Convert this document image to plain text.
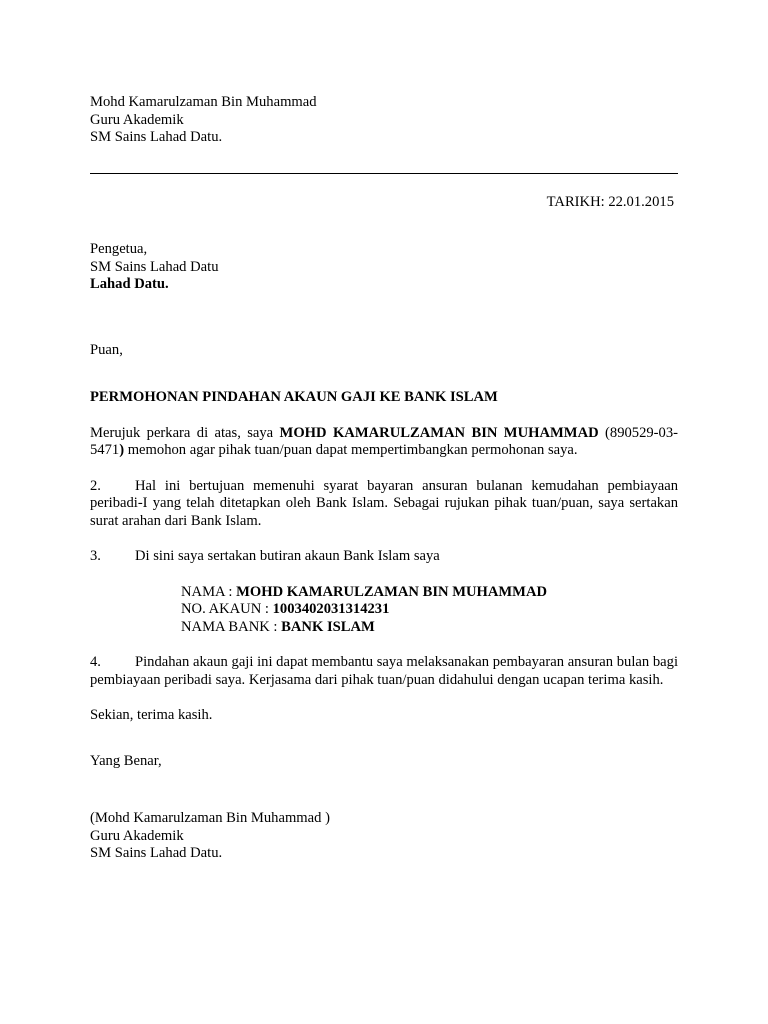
Mohd Kamarulzaman Bin Muhammad
Guru Akademik
SM Sains Lahad Datu.
TARIKH: 22.01.2015
Pengetua,
SM Sains Lahad Datu
Lahad Datu.
Puan,
PERMOHONAN PINDAHAN AKAUN GAJI KE BANK ISLAM
Merujuk perkara di atas, saya MOHD KAMARULZAMAN BIN MUHAMMAD (890529-03-5471) memohon agar pihak tuan/puan dapat mempertimbangkan permohonan saya.
2. Hal ini bertujuan memenuhi syarat bayaran ansuran bulanan kemudahan pembiayaan peribadi-I yang telah ditetapkan oleh Bank Islam. Sebagai rujukan pihak tuan/puan, saya sertakan surat arahan dari Bank Islam.
3. Di sini saya sertakan butiran akaun Bank Islam saya
NAMA : MOHD KAMARULZAMAN BIN MUHAMMAD
NO. AKAUN : 1003402031314231
NAMA BANK : BANK ISLAM
4. Pindahan akaun gaji ini dapat membantu saya melaksanakan pembayaran ansuran bulan bagi pembiayaan peribadi saya. Kerjasama dari pihak tuan/puan didahului dengan ucapan terima kasih.
Sekian, terima kasih.
Yang Benar,
(Mohd Kamarulzaman Bin Muhammad )
Guru Akademik
SM Sains Lahad Datu.
